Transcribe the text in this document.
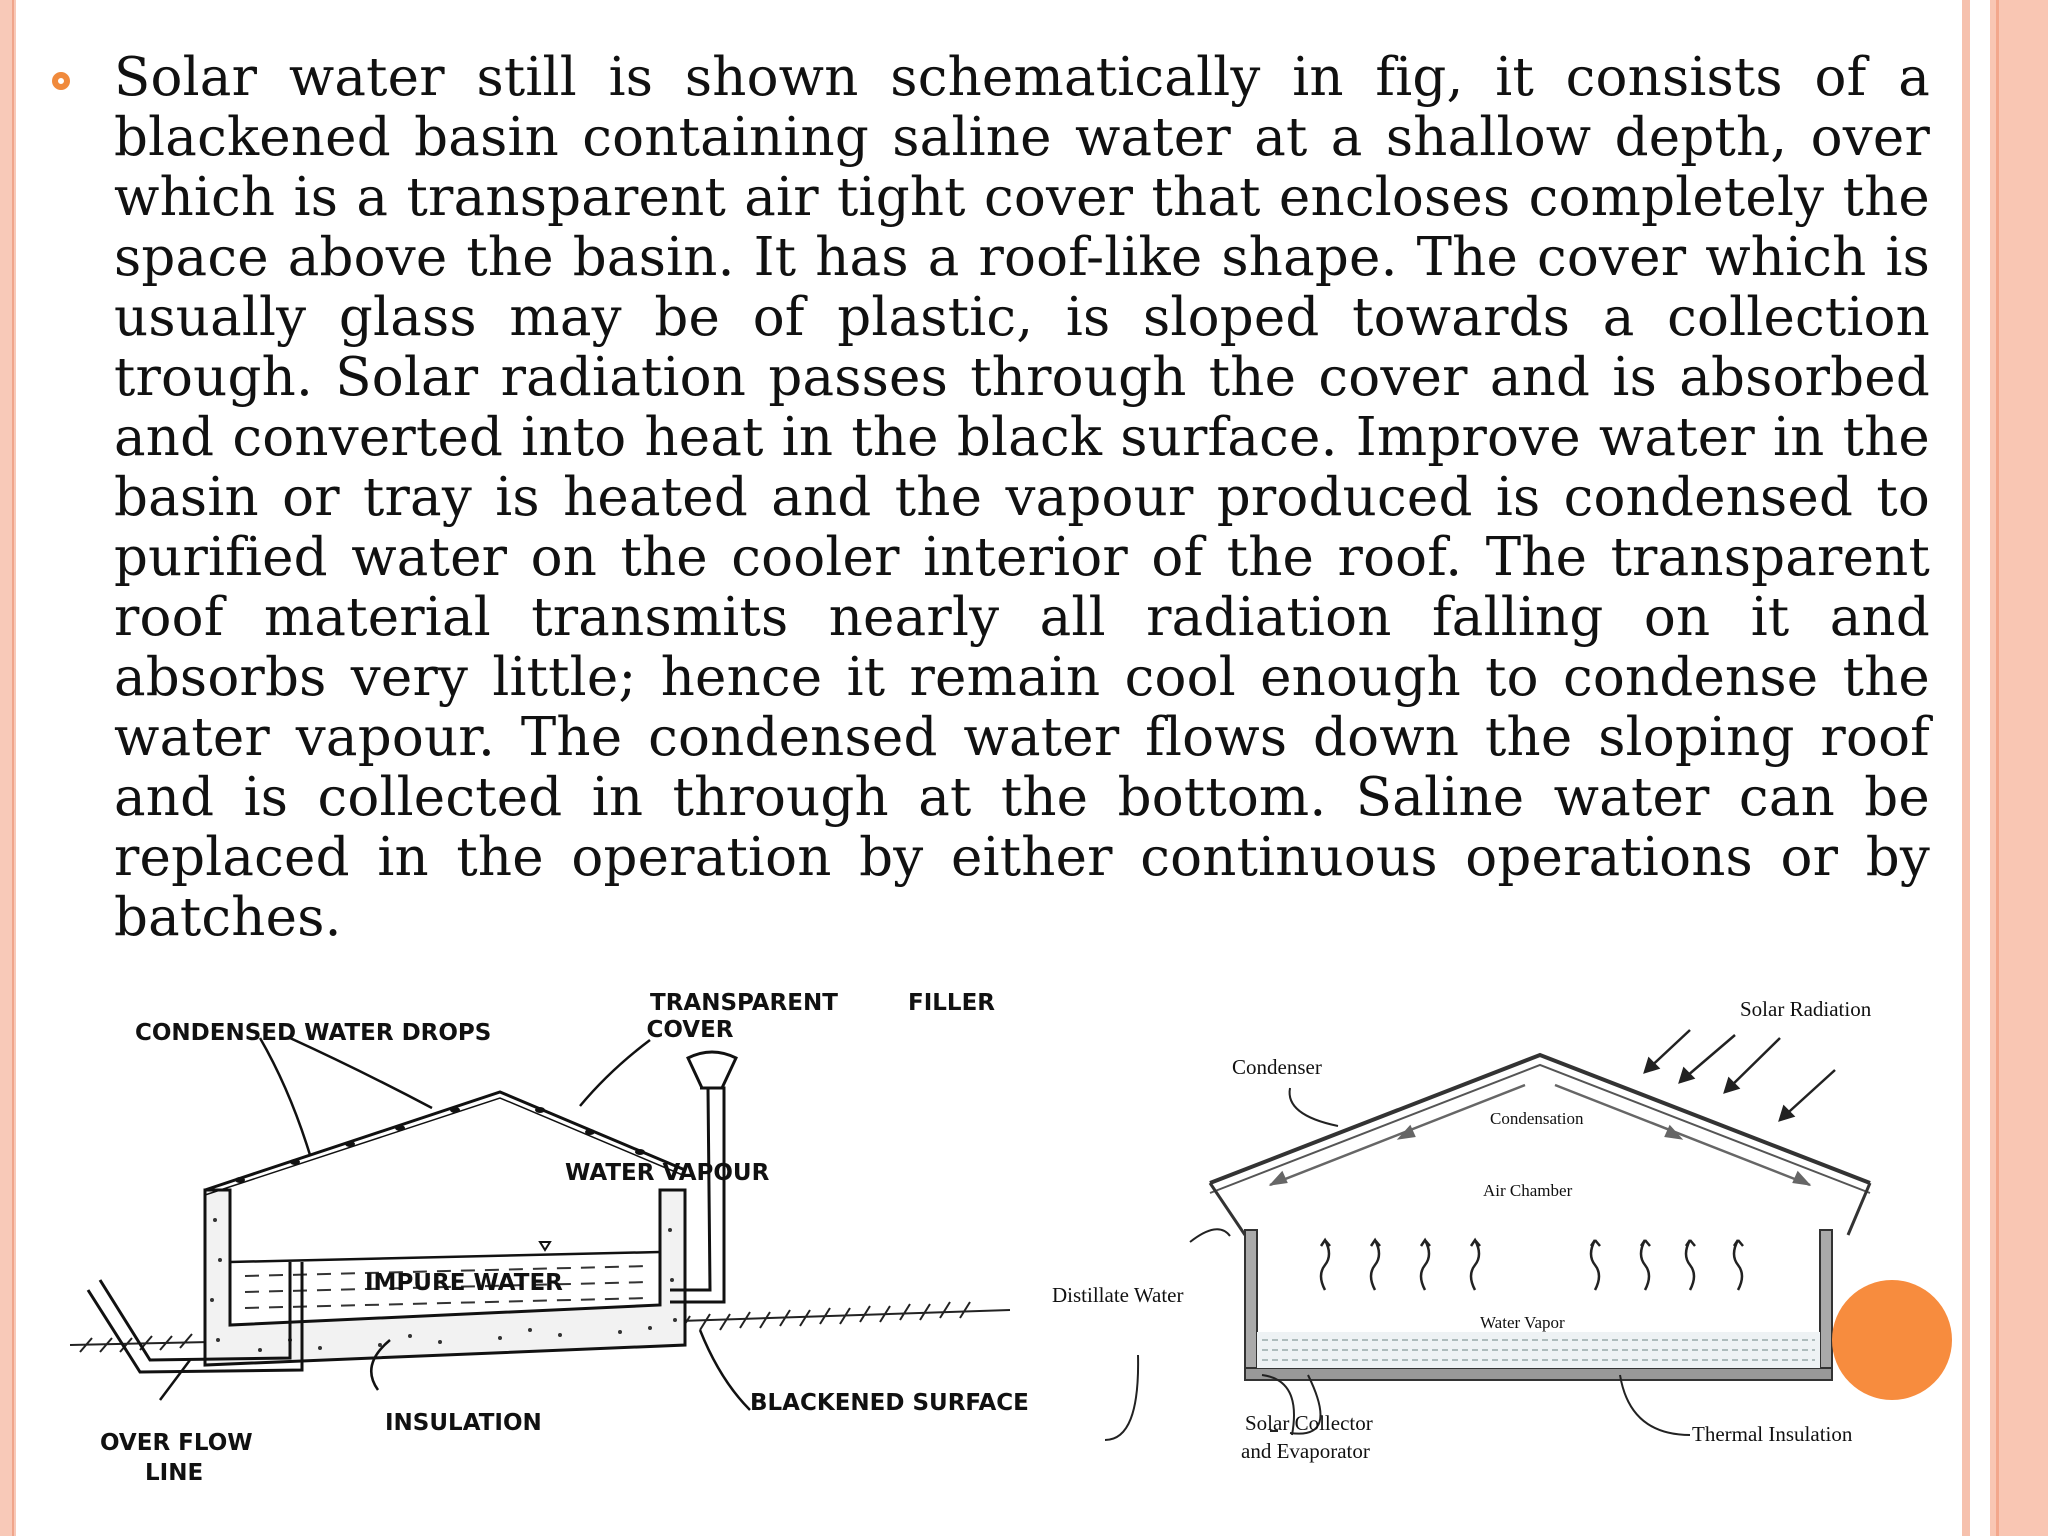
Solar water still is shown schematically in fig, it consists of a blackened basin containing saline water at a shallow depth, over which is a transparent air tight cover that encloses completely the space above the basin. It has a roof-like shape. The cover which is usually glass may be of plastic, is sloped towards a collection trough. Solar radiation passes through the cover and is absorbed and converted into heat in the black surface. Improve water in the basin or tray is heated and the vapour produced is condensed to purified water on the cooler interior of the roof. The transparent roof material transmits nearly all radiation falling on it and absorbs very little; hence it remain cool enough to condense the water vapour. The condensed water flows down the sloping roof and is collected in through at the bottom. Saline water can be replaced in the operation by either continuous operations or by batches.

CONDENSED WATER DROPS
TRANSPARENT
COVER
FILLER
WATER VAPOUR
IMPURE WATER
OVER FLOW
LINE
INSULATION
BLACKENED SURFACE
Solar Radiation
Condenser
Condensation
Air Chamber
Distillate Water
Water Vapor
Solar Collector
and Evaporator
Thermal Insulation
